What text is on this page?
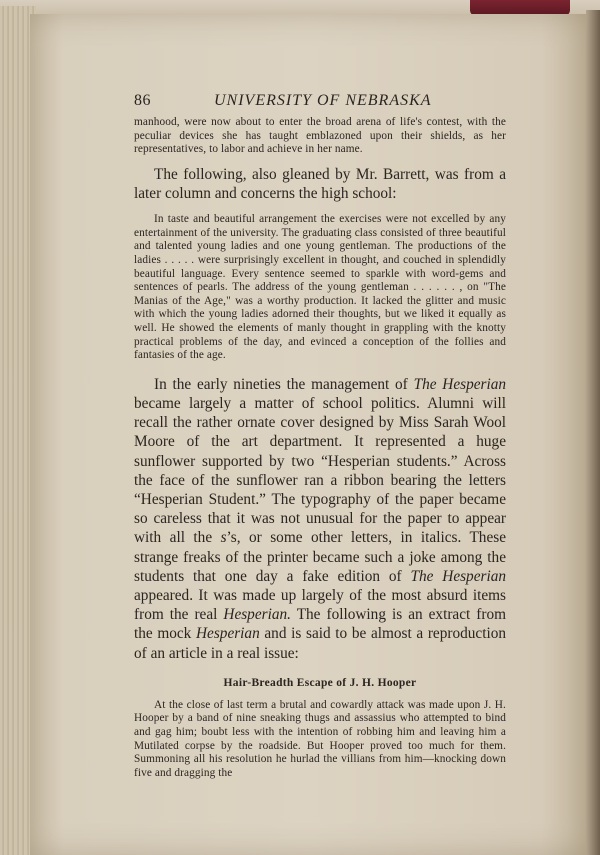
86	UNIVERSITY OF NEBRASKA

manhood, were now about to enter the broad arena of life's contest, with the peculiar devices she has taught emblazoned upon their shields, as her representatives, to labor and achieve in her name.

The following, also gleaned by Mr. Barrett, was from a later column and concerns the high school:

In taste and beautiful arrangement the exercises were not excelled by any entertainment of the university. The graduating class consisted of three beautiful and talented young ladies and one young gentleman. The productions of the ladies . . . . . were surprisingly excellent in thought, and couched in splendidly beautiful language. Every sentence seemed to sparkle with word-gems and sentences of pearls. The address of the young gentleman . . . . . . , on "The Manias of the Age," was a worthy production. It lacked the glitter and music with which the young ladies adorned their thoughts, but we liked it equally as well. He showed the elements of manly thought in grappling with the knotty practical problems of the day, and evinced a conception of the follies and fantasies of the age.

In the early nineties the management of The Hesperian became largely a matter of school politics. Alumni will recall the rather ornate cover designed by Miss Sarah Wool Moore of the art department. It represented a huge sunflower supported by two “Hesperian students.” Across the face of the sunflower ran a ribbon bearing the letters “Hesperian Student.” The typography of the paper became so careless that it was not unusual for the paper to appear with all the s’s, or some other letters, in italics. These strange freaks of the printer became such a joke among the students that one day a fake edition of The Hesperian appeared. It was made up largely of the most absurd items from the real Hesperian. The following is an extract from the mock Hesperian and is said to be almost a reproduction of an article in a real issue:

Hair-Breadth Escape of J. H. Hooper

At the close of last term a brutal and cowardly attack was made upon J. H. Hooper by a band of nine sneaking thugs and assassius who attempted to bind and gag him; boubt less with the intention of robbing him and leaving him a Mutilated corpse by the roadside. But Hooper proved too much for them. Summoning all his resolution he hurlad the villians from him—knocking down five and dragging the
